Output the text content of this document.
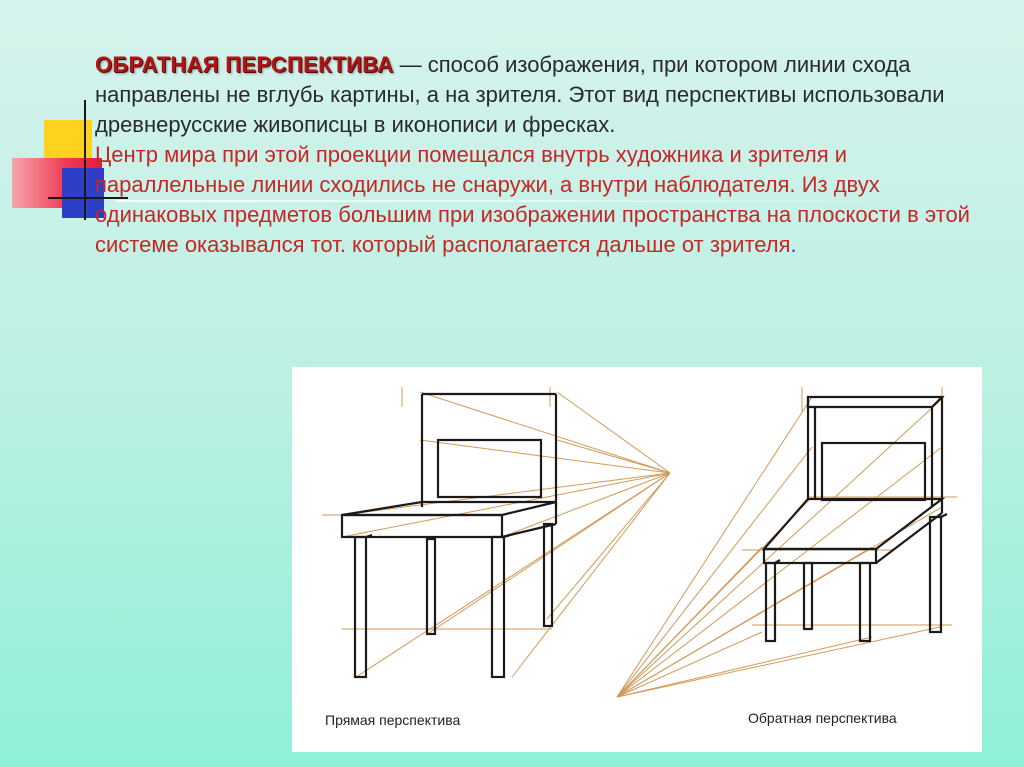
ОБРАТНАЯ ПЕРСПЕКТИВА — способ изображения, при котором линии схода направлены не вглубь картины, а на зрителя. Этот вид перспективы использовали древнерусские живописцы в иконописи и фресках.
Центр мира при этой проекции помещался внутрь художника и зрителя и параллельные линии сходились не снаружи, а внутри наблюдателя. Из двух одинаковых предметов большим при изображении пространства на плоскости в этой системе оказывался тот. который располагается дальше от зрителя.
Прямая перспектива	Обратная перспектива
